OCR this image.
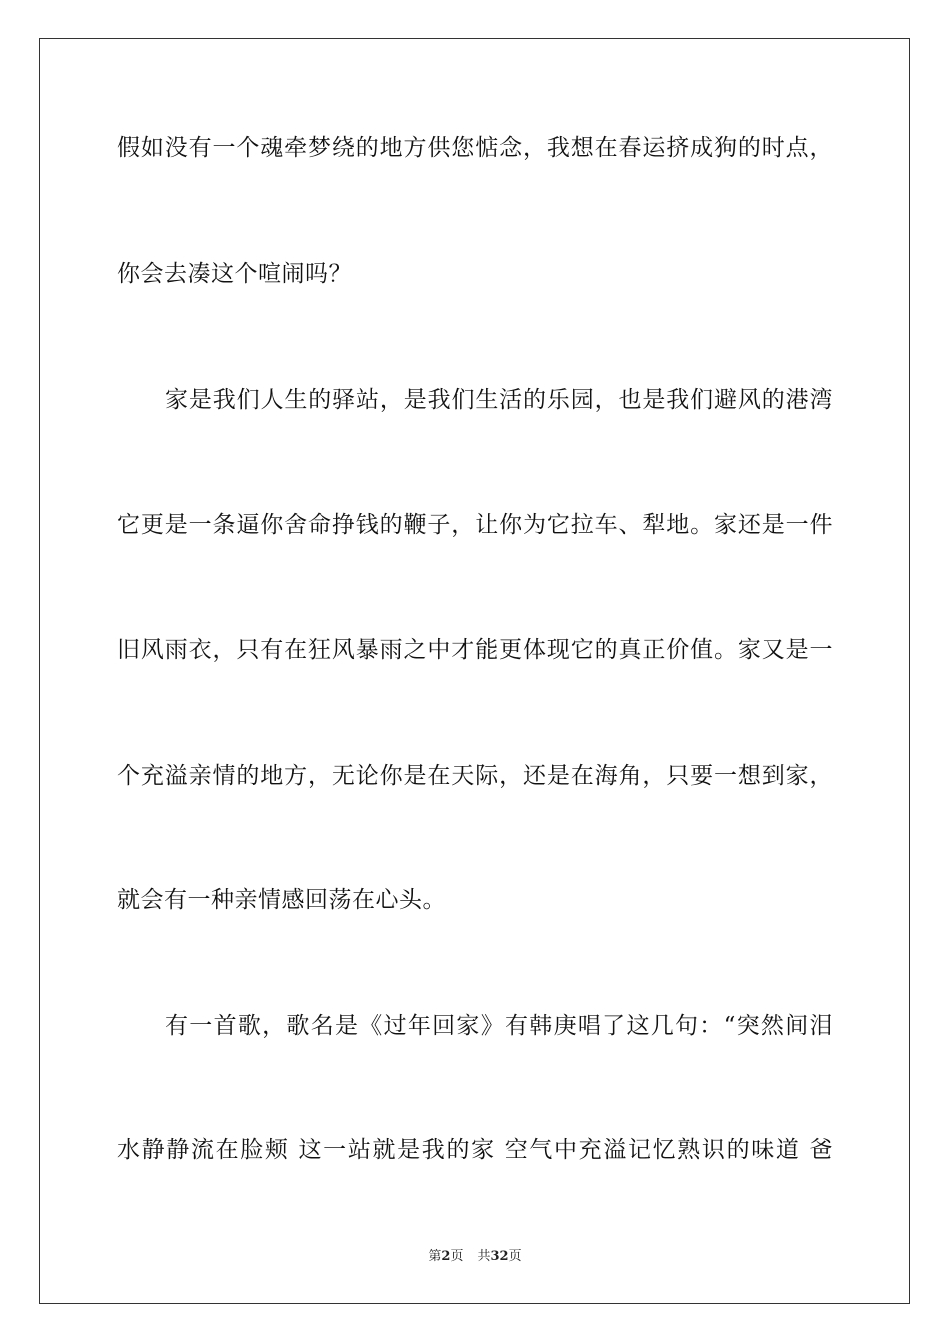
假如没有一个魂牵梦绕的地方供您惦念，我想在春运挤成狗的时点，
你会去凑这个喧闹吗？
家是我们人生的驿站，是我们生活的乐园，也是我们避风的港湾
它更是一条逼你舍命挣钱的鞭子，让你为它拉车、犁地。家还是一件
旧风雨衣，只有在狂风暴雨之中才能更体现它的真正价值。家又是一
个充溢亲情的地方，无论你是在天际，还是在海角，只要一想到家，
就会有一种亲情感回荡在心头。
有一首歌，歌名是《过年回家》有韩庚唱了这几句：“突然间泪
水静静流在脸颊 这一站就是我的家 空气中充溢记忆熟识的味道 爸
第2页 共32页
